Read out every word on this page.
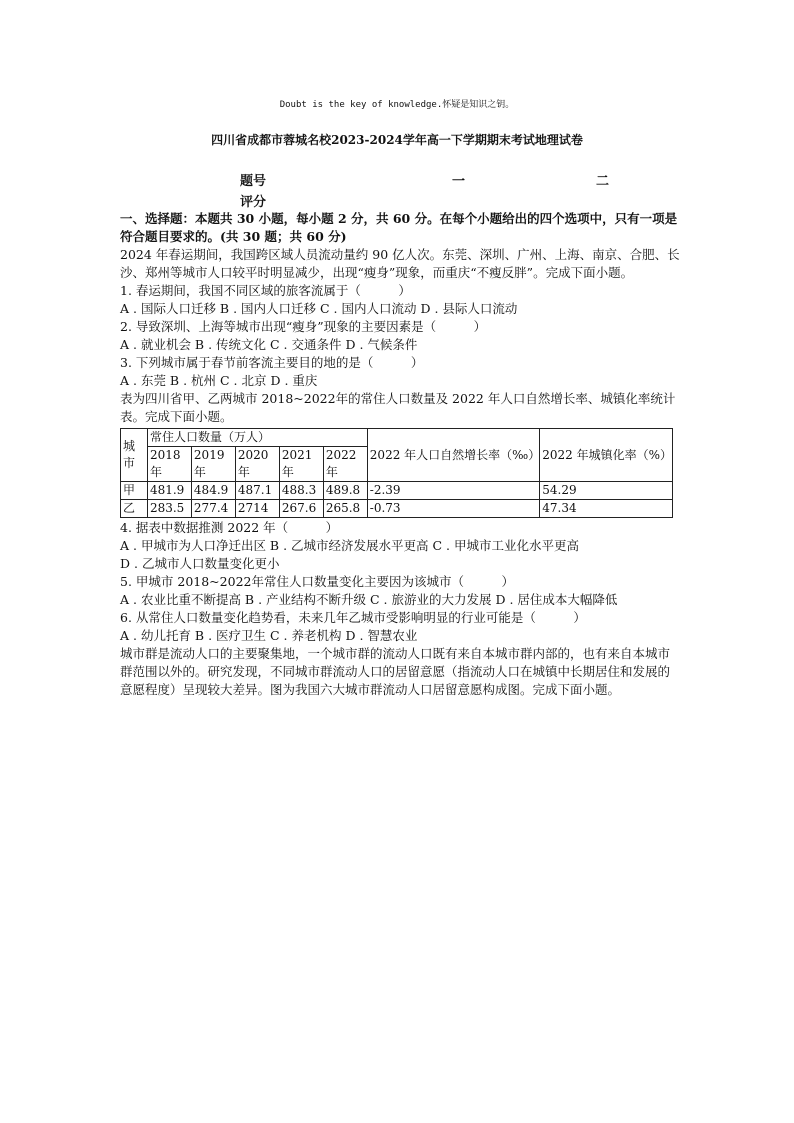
Doubt is the key of knowledge.怀疑是知识之钥。
四川省成都市蓉城名校2023-2024学年高一下学期期末考试地理试卷
题号	一	二
评分

一、选择题：本题共 30 小题，每小题 2 分，共 60 分。在每个小题给出的四个选项中，只有一项是符合题目要求的。(共 30 题；共 60 分)

2024 年春运期间，我国跨区域人员流动量约 90 亿人次。东莞、深圳、广州、上海、南京、合肥、长沙、郑州等城市人口较平时明显减少，出现“瘦身”现象，而重庆“不瘦反胖”。完成下面小题。

1. 春运期间，我国不同区域的旅客流属于（　　　）

A . 国际人口迁移 B . 国内人口迁移 C . 国内人口流动 D . 县际人口流动

2. 导致深圳、上海等城市出现“瘦身”现象的主要因素是（　　　）

A . 就业机会 B . 传统文化 C . 交通条件 D . 气候条件

3. 下列城市属于春节前客流主要目的地的是（　　　）

A . 东莞 B . 杭州 C . 北京 D . 重庆

表为四川省甲、乙两城市 2018~2022年的常住人口数量及 2022 年人口自然增长率、城镇化率统计表。完成下面小题。

城市	常住人口数量（万人）					2022 年人口自然增长率（‰）	2022 年城镇化率（%）
	2018年	2019年	2020年	2021年	2022年		
甲	481.9	484.9	487.1	488.3	489.8	-2.39	54.29
乙	283.5	277.4	2714	267.6	265.8	-0.73	47.34

4. 据表中数据推测 2022 年（　　　）

A . 甲城市为人口净迁出区 B . 乙城市经济发展水平更高 C . 甲城市工业化水平更高

D . 乙城市人口数量变化更小

5. 甲城市 2018~2022年常住人口数量变化主要因为该城市（　　　）

A . 农业比重不断提高 B . 产业结构不断升级 C . 旅游业的大力发展 D . 居住成本大幅降低

6. 从常住人口数量变化趋势看，未来几年乙城市受影响明显的行业可能是（　　　）

A . 幼儿托育 B . 医疗卫生 C . 养老机构 D . 智慧农业

城市群是流动人口的主要聚集地，一个城市群的流动人口既有来自本城市群内部的，也有来自本城市群范围以外的。研究发现，不同城市群流动人口的居留意愿（指流动人口在城镇中长期居住和发展的意愿程度）呈现较大差异。图为我国六大城市群流动人口居留意愿构成图。完成下面小题。
